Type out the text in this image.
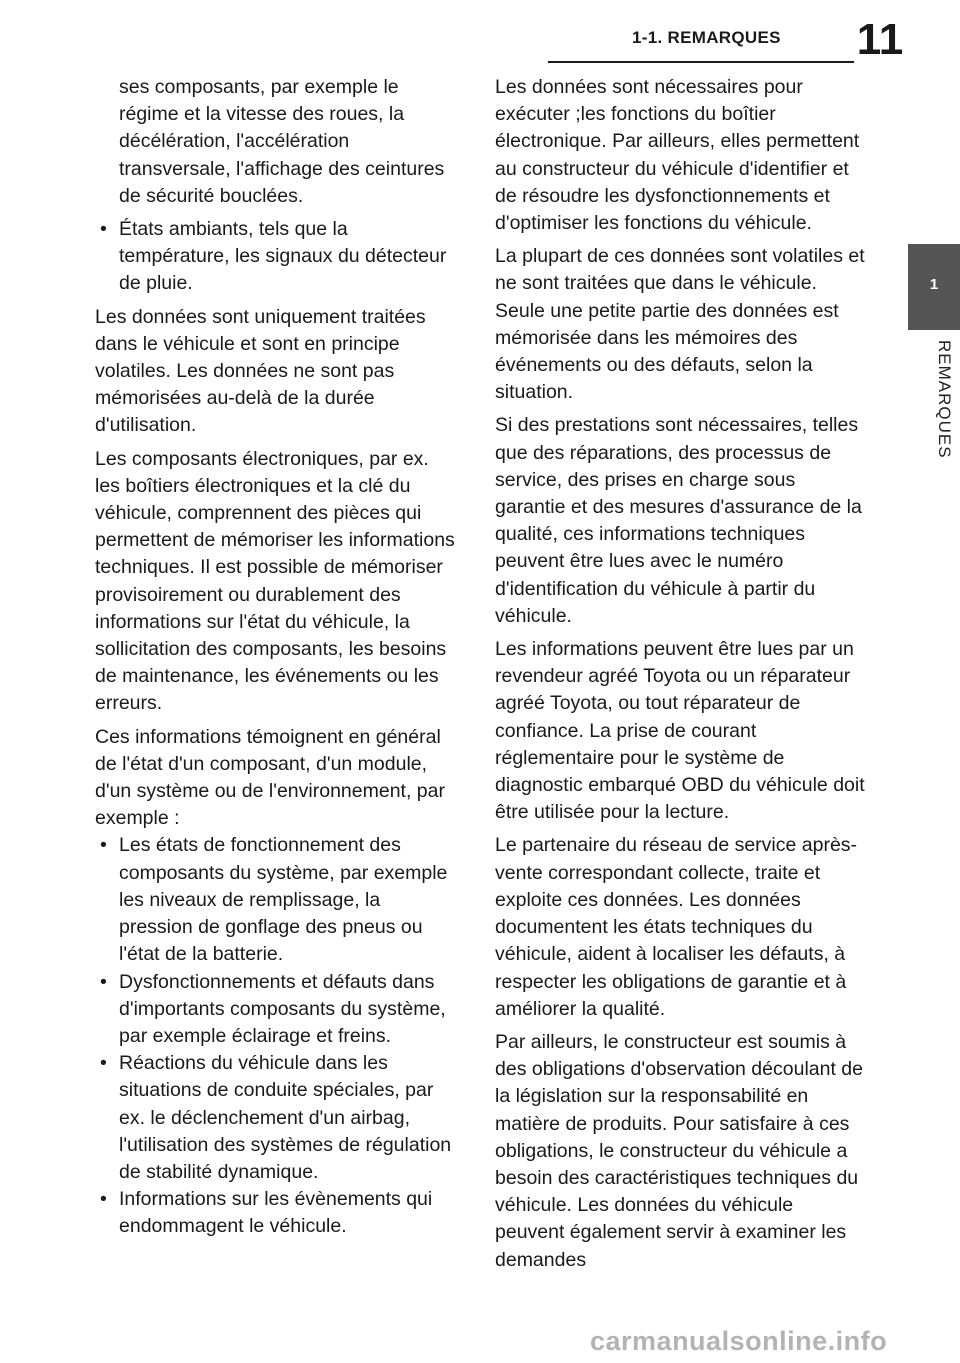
1-1. REMARQUES 11
1
REMARQUES

ses composants, par exemple le régime et la vitesse des roues, la décélération, l'accélération transversale, l'affichage des ceintures de sécurité bouclées.

• États ambiants, tels que la température, les signaux du détecteur de pluie.

Les données sont uniquement traitées dans le véhicule et sont en principe volatiles. Les données ne sont pas mémorisées au-delà de la durée d'utilisation.

Les composants électroniques, par ex. les boîtiers électroniques et la clé du véhicule, comprennent des pièces qui permettent de mémoriser les informations techniques. Il est possible de mémoriser provisoirement ou durablement des informations sur l'état du véhicule, la sollicitation des composants, les besoins de maintenance, les événements ou les erreurs.

Ces informations témoignent en général de l'état d'un composant, d'un module, d'un système ou de l'environnement, par exemple :

• Les états de fonctionnement des composants du système, par exemple les niveaux de remplissage, la pression de gonflage des pneus ou l'état de la batterie.
• Dysfonctionnements et défauts dans d'importants composants du système, par exemple éclairage et freins.
• Réactions du véhicule dans les situations de conduite spéciales, par ex. le déclenchement d'un airbag, l'utilisation des systèmes de régulation de stabilité dynamique.
• Informations sur les évènements qui endommagent le véhicule.

Les données sont nécessaires pour exécuter ;les fonctions du boîtier électronique. Par ailleurs, elles permettent au constructeur du véhicule d'identifier et de résoudre les dysfonctionnements et d'optimiser les fonctions du véhicule.

La plupart de ces données sont volatiles et ne sont traitées que dans le véhicule. Seule une petite partie des données est mémorisée dans les mémoires des événements ou des défauts, selon la situation.

Si des prestations sont nécessaires, telles que des réparations, des processus de service, des prises en charge sous garantie et des mesures d'assurance de la qualité, ces informations techniques peuvent être lues avec le numéro d'identification du véhicule à partir du véhicule.

Les informations peuvent être lues par un revendeur agréé Toyota ou un réparateur agréé Toyota, ou tout réparateur de confiance. La prise de courant réglementaire pour le système de diagnostic embarqué OBD du véhicule doit être utilisée pour la lecture.

Le partenaire du réseau de service après-vente correspondant collecte, traite et exploite ces données. Les données documentent les états techniques du véhicule, aident à localiser les défauts, à respecter les obligations de garantie et à améliorer la qualité.

Par ailleurs, le constructeur est soumis à des obligations d'observation découlant de la législation sur la responsabilité en matière de produits. Pour satisfaire à ces obligations, le constructeur du véhicule a besoin des caractéristiques techniques du véhicule. Les données du véhicule peuvent également servir à examiner les demandes

carmanualsonline.info
